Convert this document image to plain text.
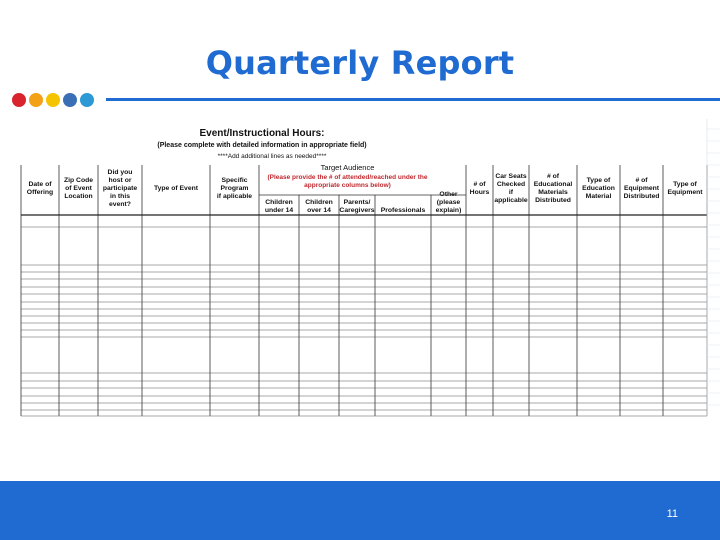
Quarterly Report
Event/Instructional Hours:
(Please complete with detailed information in appropriate field)
****Add additional lines as needed****
Target Audience
(Please provide the # of attended/reached under the
appropriate columns below)
Date of
Offering
Zip Code
of Event
Location
Did you
host or
participate
in this
event?
Type of Event
Specific
Program
if aplicable
Children
under 14
Children
over 14
Parents/
Caregivers Professionals
Other
(please
explain)
# of
Hours
Car Seats
Checked
if
applicable
# of
Educational
Materials
Distributed
Type of
Education
Material
# of
Equipment
Distributed
Type of
Equipment
11
